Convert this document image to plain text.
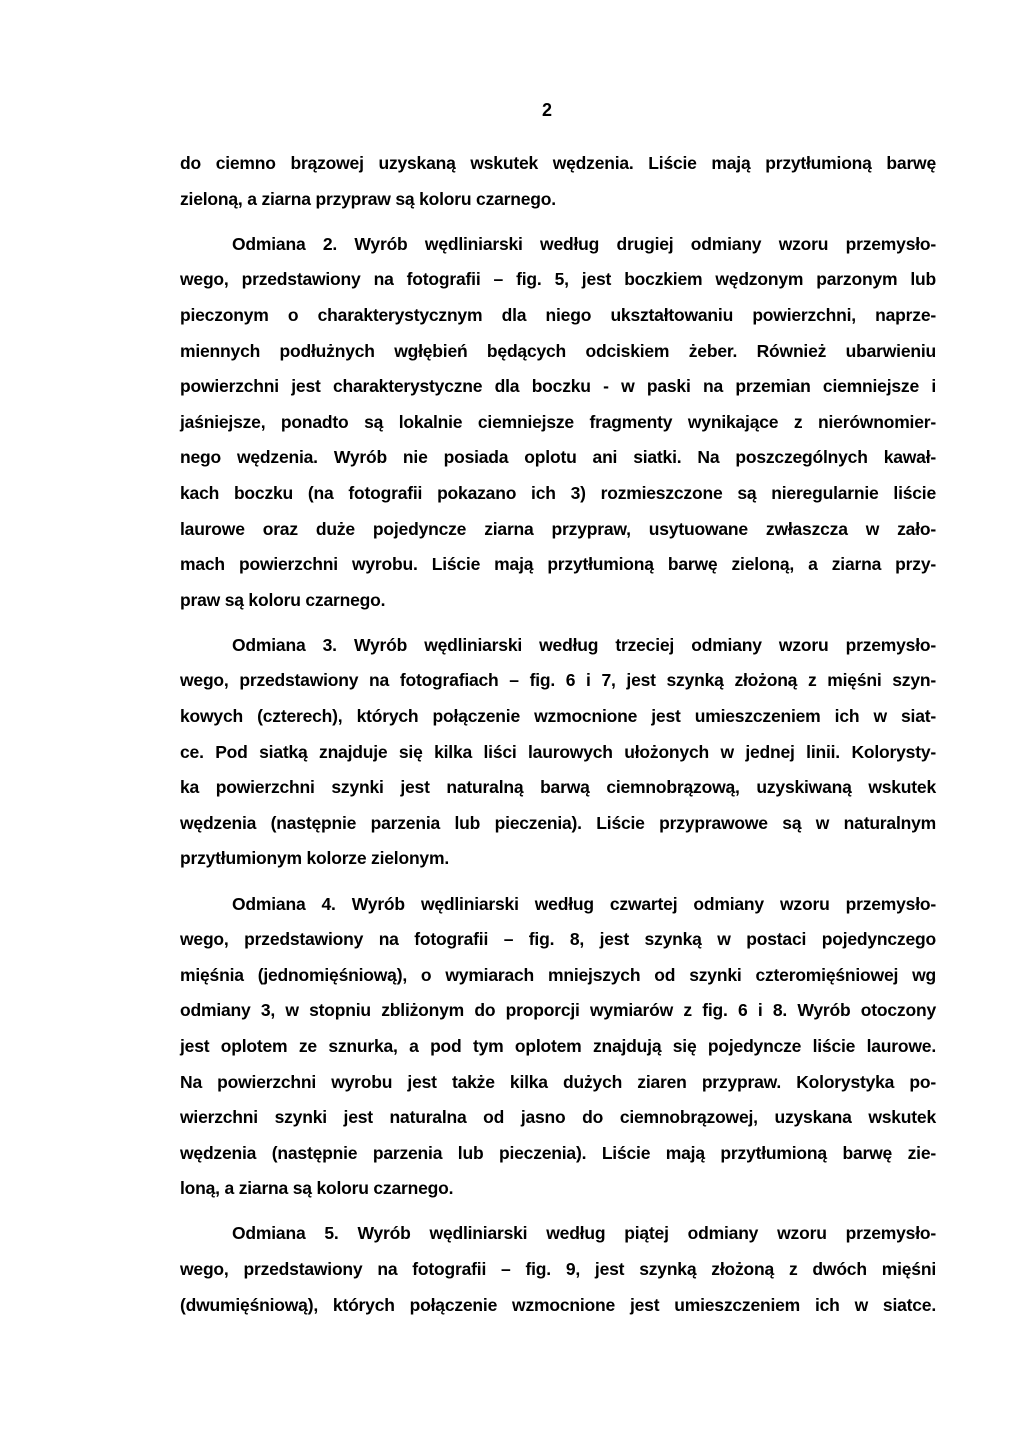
2
do ciemno brązowej uzyskaną wskutek wędzenia. Liście mają przytłumioną barwę
zieloną, a ziarna przypraw są koloru czarnego.
Odmiana 2. Wyrób wędliniarski według drugiej odmiany wzoru przemysło-
wego, przedstawiony na fotografii – fig. 5, jest boczkiem wędzonym parzonym lub
pieczonym o charakterystycznym dla niego ukształtowaniu powierzchni, naprze-
miennych podłużnych wgłębień będących odciskiem żeber. Również ubarwieniu
powierzchni jest charakterystyczne dla boczku - w paski na przemian ciemniejsze i
jaśniejsze, ponadto są lokalnie ciemniejsze fragmenty wynikające z nierównomier-
nego wędzenia. Wyrób nie posiada oplotu ani siatki. Na poszczególnych kawał-
kach boczku (na fotografii pokazano ich 3) rozmieszczone są nieregularnie liście
laurowe oraz duże pojedyncze ziarna przypraw, usytuowane zwłaszcza w zało-
mach powierzchni wyrobu. Liście mają przytłumioną barwę zieloną, a ziarna przy-
praw są koloru czarnego.
Odmiana 3. Wyrób wędliniarski według trzeciej odmiany wzoru przemysło-
wego, przedstawiony na fotografiach – fig. 6 i 7, jest szynką złożoną z mięśni szyn-
kowych (czterech), których połączenie wzmocnione jest umieszczeniem ich w siat-
ce. Pod siatką znajduje się kilka liści laurowych ułożonych w jednej linii. Kolorysty-
ka powierzchni szynki jest naturalną barwą ciemnobrązową, uzyskiwaną wskutek
wędzenia (następnie parzenia lub pieczenia). Liście przyprawowe są w naturalnym
przytłumionym kolorze zielonym.
Odmiana 4. Wyrób wędliniarski według czwartej odmiany wzoru przemysło-
wego, przedstawiony na fotografii – fig. 8, jest szynką w postaci pojedynczego
mięśnia (jednomięśniową), o wymiarach mniejszych od szynki czteromięśniowej wg
odmiany 3, w stopniu zbliżonym do proporcji wymiarów z fig. 6 i 8. Wyrób otoczony
jest oplotem ze sznurka, a pod tym oplotem znajdują się pojedyncze liście laurowe.
Na powierzchni wyrobu jest także kilka dużych ziaren przypraw. Kolorystyka po-
wierzchni szynki jest naturalna od jasno do ciemnobrązowej, uzyskana wskutek
wędzenia (następnie parzenia lub pieczenia). Liście mają przytłumioną barwę zie-
loną, a ziarna są koloru czarnego.
Odmiana 5. Wyrób wędliniarski według piątej odmiany wzoru przemysło-
wego, przedstawiony na fotografii – fig. 9, jest szynką złożoną z dwóch mięśni
(dwumięśniową), których połączenie wzmocnione jest umieszczeniem ich w siatce.
